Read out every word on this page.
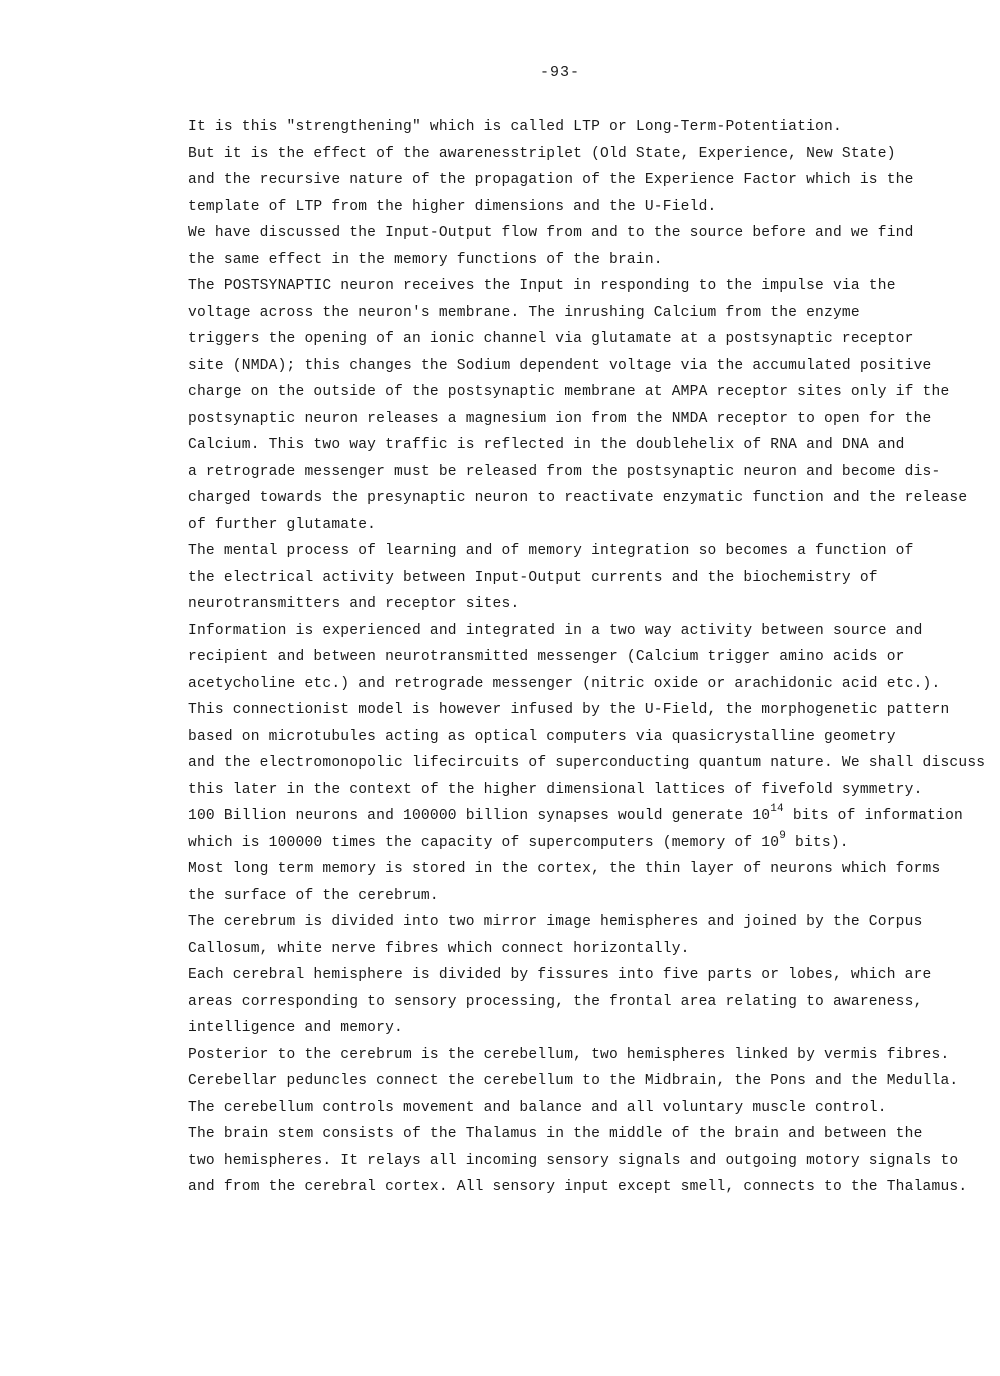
-93-
It is this "strengthening" which is called LTP or Long-Term-Potentiation.
But it is the effect of the awarenesstriplet (Old State, Experience, New State)
and the recursive nature of the propagation of the Experience Factor which is the
template of LTP from the higher dimensions and the U-Field.
We have discussed the Input-Output flow from and to the source before and we find
the same effect in the memory functions of the brain.
The POSTSYNAPTIC neuron receives the Input in responding to the impulse via the
voltage across the neuron's membrane. The inrushing Calcium from the enzyme
triggers the opening of an ionic channel via glutamate at a postsynaptic receptor
site (NMDA); this changes the Sodium dependent voltage via the accumulated positive
charge on the outside of the postsynaptic membrane at AMPA receptor sites only if the
postsynaptic neuron releases a magnesium ion from the NMDA receptor to open for the
Calcium. This two way traffic is reflected in the doublehelix of RNA and DNA and
a retrograde messenger must be released from the postsynaptic neuron and become dis-
charged towards the presynaptic neuron to reactivate enzymatic function and the release
of further glutamate.
The mental process of learning and of memory integration so becomes a function of
the electrical activity between Input-Output currents and the biochemistry of
neurotransmitters and receptor sites.
Information is experienced and integrated in a two way activity between source and
recipient and between neurotransmitted messenger (Calcium trigger amino acids or
acetycholine etc.) and retrograde messenger (nitric oxide or arachidonic acid etc.).
This connectionist model is however infused by the U-Field, the morphogenetic pattern
based on microtubules acting as optical computers via quasicrystalline geometry
and the electromonopolic lifecircuits of superconducting quantum nature. We shall discuss
this later in the context of the higher dimensional lattices of fivefold symmetry.
100 Billion neurons and 100000 billion synapses would generate $10^{14}$ bits of information
which is 100000 times the capacity of supercomputers (memory of $10^9$ bits).
Most long term memory is stored in the cortex, the thin layer of neurons which forms
the surface of the cerebrum.
The cerebrum is divided into two mirror image hemispheres and joined by the Corpus
Callosum, white nerve fibres which connect horizontally.
Each cerebral hemisphere is divided by fissures into five parts or lobes, which are
areas corresponding to sensory processing, the frontal area relating to awareness,
intelligence and memory.
Posterior to the cerebrum is the cerebellum, two hemispheres linked by vermis fibres.
Cerebellar peduncles connect the cerebellum to the Midbrain, the Pons and the Medulla.
The cerebellum controls movement and balance and all voluntary muscle control.
The brain stem consists of the Thalamus in the middle of the brain and between the
two hemispheres. It relays all incoming sensory signals and outgoing motory signals to
and from the cerebral cortex. All sensory input except smell, connects to the Thalamus.
